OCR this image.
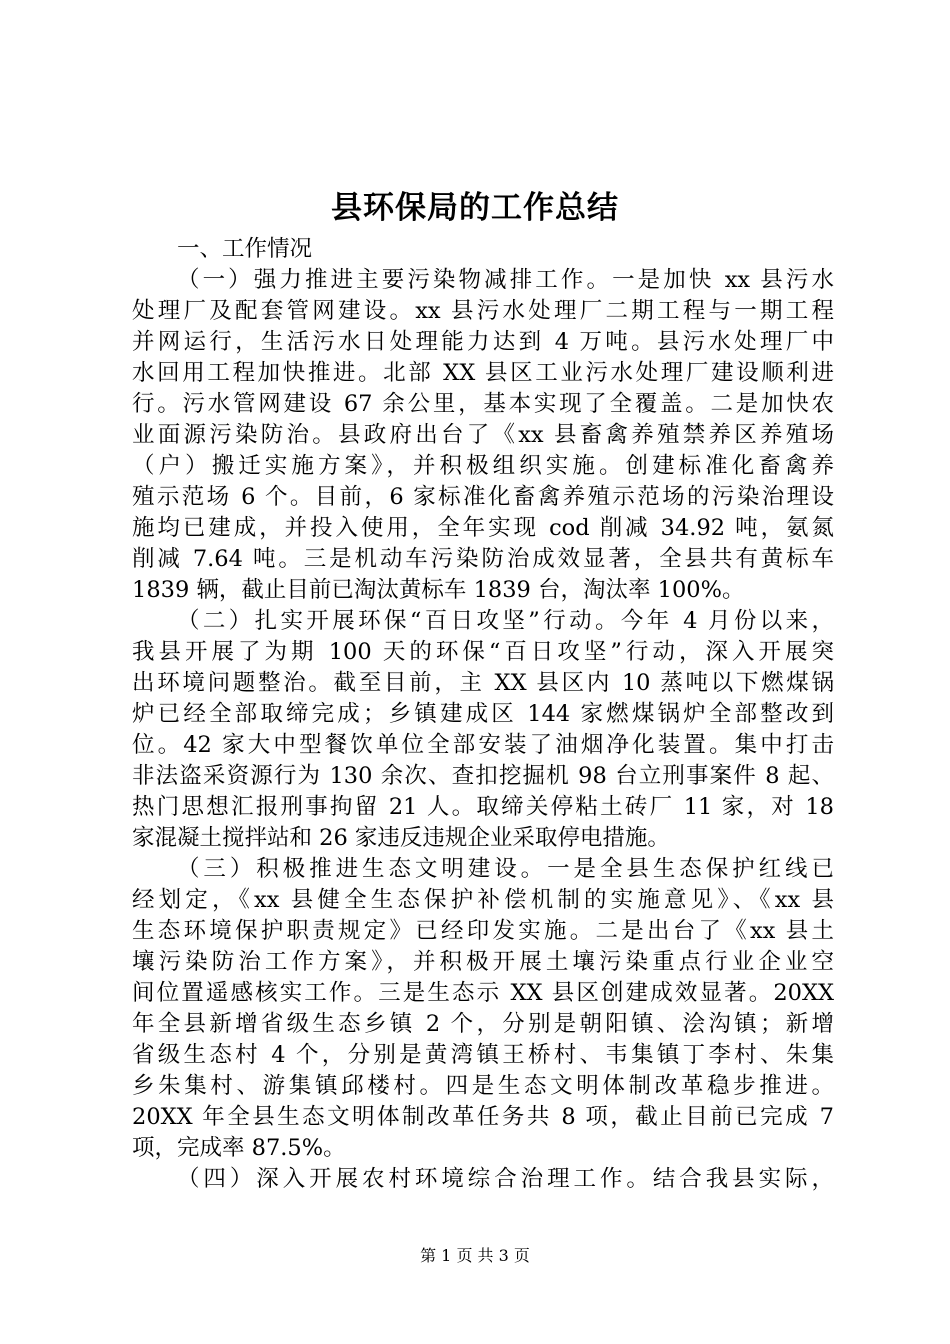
县环保局的工作总结
一、工作情况
（一）强力推进主要污染物减排工作。一是加快 xx 县污水
处理厂及配套管网建设。xx 县污水处理厂二期工程与一期工程
并网运行，生活污水日处理能力达到 4 万吨。县污水处理厂中
水回用工程加快推进。北部 XX 县区工业污水处理厂建设顺利进
行。污水管网建设 67 余公里，基本实现了全覆盖。二是加快农
业面源污染防治。县政府出台了《xx 县畜禽养殖禁养区养殖场
（户）搬迁实施方案》，并积极组织实施。创建标准化畜禽养
殖示范场 6 个。目前，6 家标准化畜禽养殖示范场的污染治理设
施均已建成，并投入使用，全年实现 cod 削减 34.92 吨，氨氮
削减 7.64 吨。三是机动车污染防治成效显著，全县共有黄标车
1839 辆，截止目前已淘汰黄标车 1839 台，淘汰率 100%。
（二）扎实开展环保“百日攻坚”行动。今年 4 月份以来，
我县开展了为期 100 天的环保“百日攻坚”行动，深入开展突
出环境问题整治。截至目前，主 XX 县区内 10 蒸吨以下燃煤锅
炉已经全部取缔完成；乡镇建成区 144 家燃煤锅炉全部整改到
位。42 家大中型餐饮单位全部安装了油烟净化装置。集中打击
非法盗采资源行为 130 余次、查扣挖掘机 98 台立刑事案件 8 起、
热门思想汇报刑事拘留 21 人。取缔关停粘土砖厂 11 家，对 18
家混凝土搅拌站和 26 家违反违规企业采取停电措施。
（三）积极推进生态文明建设。一是全县生态保护红线已
经划定，《xx 县健全生态保护补偿机制的实施意见》、《xx 县
生态环境保护职责规定》已经印发实施。二是出台了《xx 县土
壤污染防治工作方案》，并积极开展土壤污染重点行业企业空
间位置遥感核实工作。三是生态示 XX 县区创建成效显著。20XX
年全县新增省级生态乡镇 2 个，分别是朝阳镇、浍沟镇；新增
省级生态村 4 个，分别是黄湾镇王桥村、韦集镇丁李村、朱集
乡朱集村、游集镇邱楼村。四是生态文明体制改革稳步推进。
20XX 年全县生态文明体制改革任务共 8 项，截止目前已完成 7
项，完成率 87.5%。
（四）深入开展农村环境综合治理工作。结合我县实际，
第 1 页 共 3 页
